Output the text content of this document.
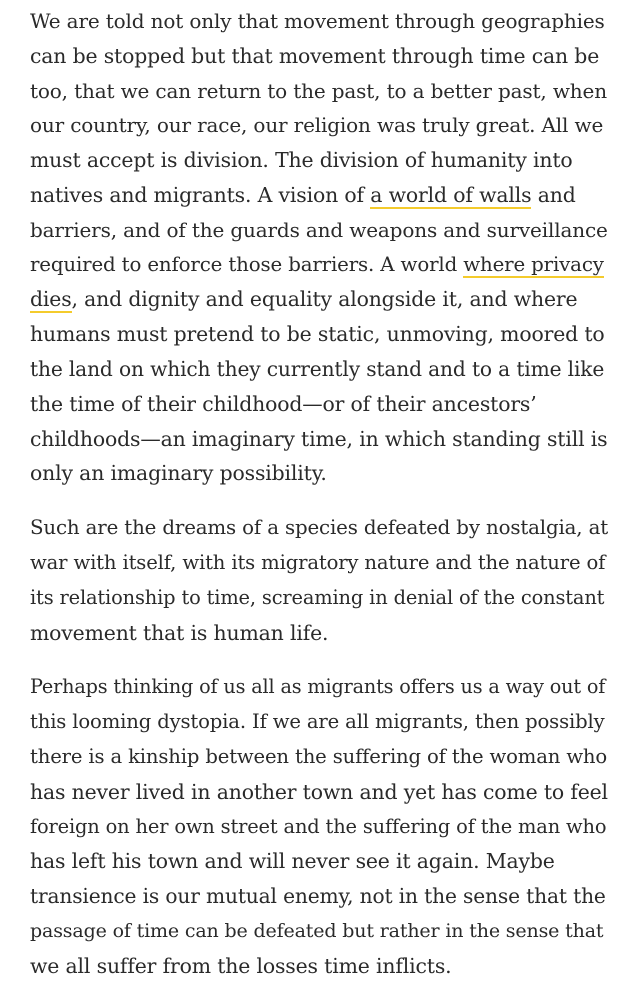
We are told not only that movement through geographies
can be stopped but that movement through time can be
too, that we can return to the past, to a better past, when
our country, our race, our religion was truly great. All we
must accept is division. The division of humanity into
natives and migrants. A vision of a world of walls and
barriers, and of the guards and weapons and surveillance
required to enforce those barriers. A world where privacy
dies, and dignity and equality alongside it, and where
humans must pretend to be static, unmoving, moored to
the land on which they currently stand and to a time like
the time of their childhood—or of their ancestors’
childhoods—an imaginary time, in which standing still is
only an imaginary possibility.

Such are the dreams of a species defeated by nostalgia, at
war with itself, with its migratory nature and the nature of
its relationship to time, screaming in denial of the constant
movement that is human life.

Perhaps thinking of us all as migrants offers us a way out of
this looming dystopia. If we are all migrants, then possibly
there is a kinship between the suffering of the woman who
has never lived in another town and yet has come to feel
foreign on her own street and the suffering of the man who
has left his town and will never see it again. Maybe
transience is our mutual enemy, not in the sense that the
passage of time can be defeated but rather in the sense that
we all suffer from the losses time inflicts.
